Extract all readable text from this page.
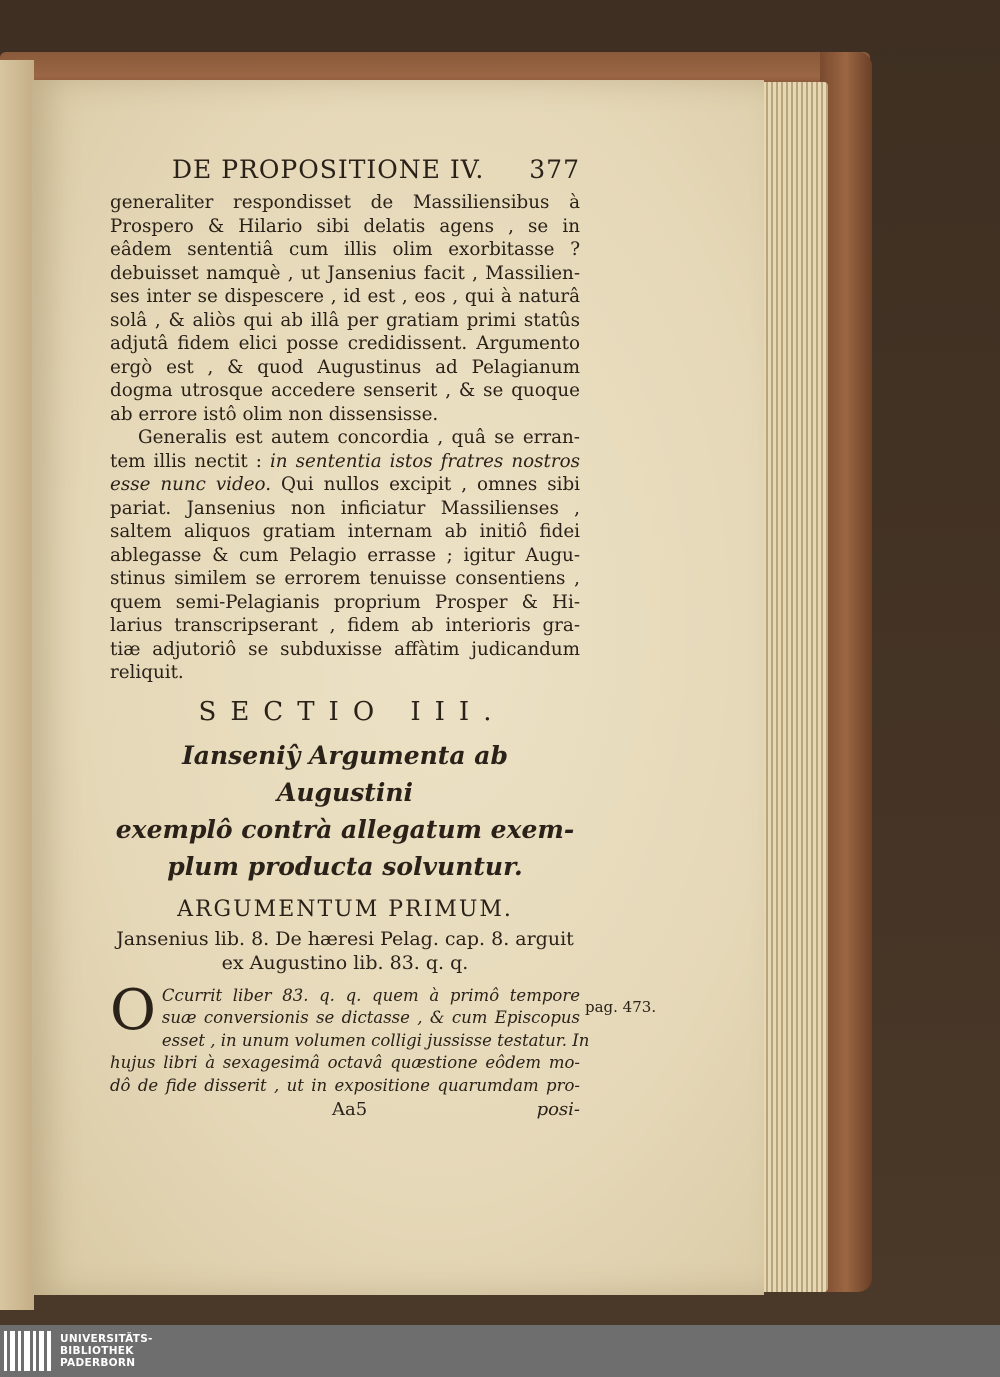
DE PROPOSITIONE IV. 377

generaliter respondisset de Massiliensibus à

Prospero & Hilario sibi delatis agens , se in

eâdem sententiâ cum illis olim exorbitasse ?

debuisset namquè , ut Jansenius facit , Massilien-

ses inter se dispescere , id est , eos , qui à naturâ

solâ , & aliòs qui ab illâ per gratiam primi statûs

adjutâ fidem elici posse credidissent. Argumento

ergò est , & quod Augustinus ad Pelagianum

dogma utrosque accedere senserit , & se quoque

ab errore istô olim non dissensisse.

Generalis est autem concordia , quâ se erran-

tem illis nectit : in sententia istos fratres nostros

esse nunc video. Qui nullos excipit , omnes sibi

pariat. Jansenius non inficiatur Massilienses ,

saltem aliquos gratiam internam ab initiô fidei

ablegasse & cum Pelagio errasse ; igitur Augu-

stinus similem se errorem tenuisse consentiens ,

quem semi-Pelagianis proprium Prosper & Hi-

larius transcripserant , fidem ab interioris gra-

tiæ adjutoriô se subduxisse affàtim judicandum

reliquit.

SECTIO III.
Ianseniŷ Argumenta ab Augustini
exemplô contrà allegatum exem-
plum producta solvuntur.
ARGUMENTUM PRIMUM.
Jansenius lib. 8. De hæresi Pelag. cap. 8. arguit
ex Augustino lib. 83. q. q.
O Ccurrit liber 83. q. q. quem à primô tempore

suæ conversionis se dictasse , & cum Episcopus

esset , in unum volumen colligi jussisse testatur. In

hujus libri à sexagesimâ octavâ quæstione eôdem mo-

dô de fide disserit , ut in expositione quarumdam pro-

Aa5	posi-
pag. 473.
UNIVERSITÄTS-
BIBLIOTHEK
PADERBORN
